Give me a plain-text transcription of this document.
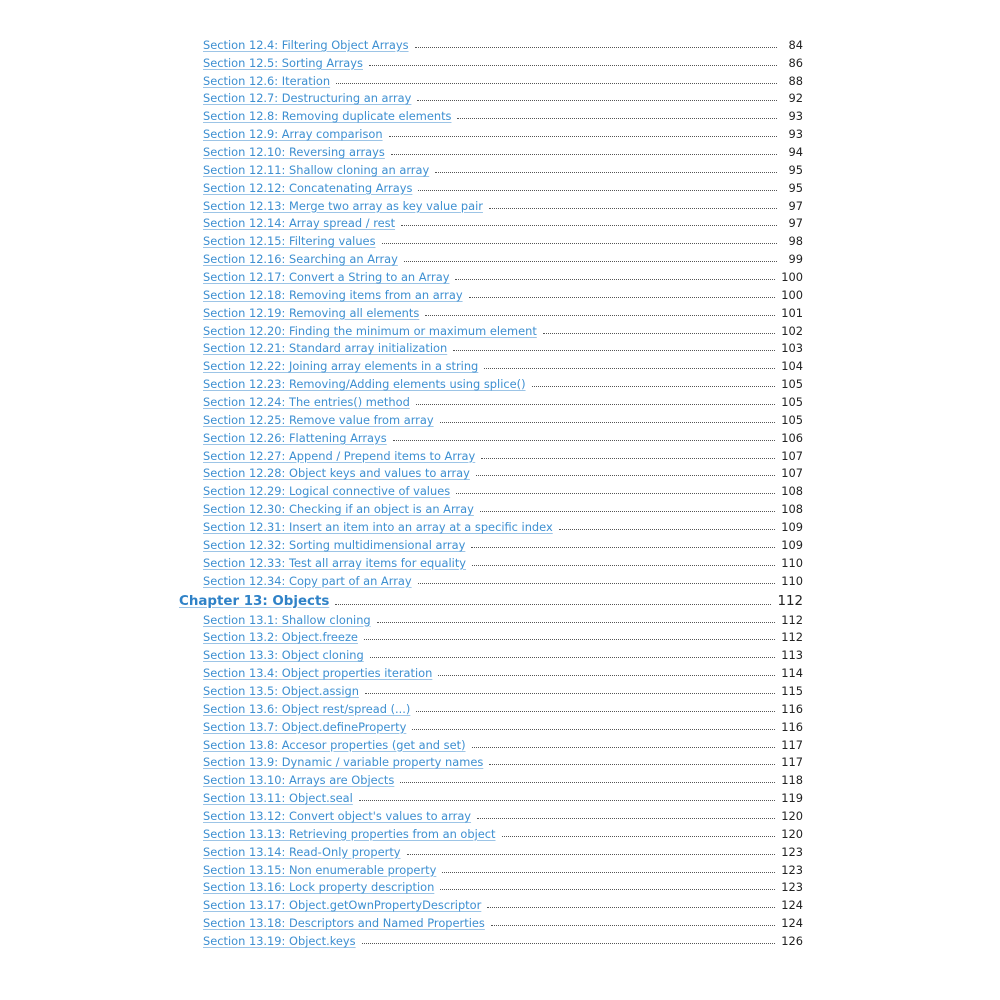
Section 12.4: Filtering Object Arrays	84
Section 12.5: Sorting Arrays	86
Section 12.6: Iteration	88
Section 12.7: Destructuring an array	92
Section 12.8: Removing duplicate elements	93
Section 12.9: Array comparison	93
Section 12.10: Reversing arrays	94
Section 12.11: Shallow cloning an array	95
Section 12.12: Concatenating Arrays	95
Section 12.13: Merge two array as key value pair	97
Section 12.14: Array spread / rest	97
Section 12.15: Filtering values	98
Section 12.16: Searching an Array	99
Section 12.17: Convert a String to an Array	100
Section 12.18: Removing items from an array	100
Section 12.19: Removing all elements	101
Section 12.20: Finding the minimum or maximum element	102
Section 12.21: Standard array initialization	103
Section 12.22: Joining array elements in a string	104
Section 12.23: Removing/Adding elements using splice()	105
Section 12.24: The entries() method	105
Section 12.25: Remove value from array	105
Section 12.26: Flattening Arrays	106
Section 12.27: Append / Prepend items to Array	107
Section 12.28: Object keys and values to array	107
Section 12.29: Logical connective of values	108
Section 12.30: Checking if an object is an Array	108
Section 12.31: Insert an item into an array at a specific index	109
Section 12.32: Sorting multidimensional array	109
Section 12.33: Test all array items for equality	110
Section 12.34: Copy part of an Array	110
Chapter 13: Objects	112
Section 13.1: Shallow cloning	112
Section 13.2: Object.freeze	112
Section 13.3: Object cloning	113
Section 13.4: Object properties iteration	114
Section 13.5: Object.assign	115
Section 13.6: Object rest/spread (...)	116
Section 13.7: Object.defineProperty	116
Section 13.8: Accesor properties (get and set)	117
Section 13.9: Dynamic / variable property names	117
Section 13.10: Arrays are Objects	118
Section 13.11: Object.seal	119
Section 13.12: Convert object's values to array	120
Section 13.13: Retrieving properties from an object	120
Section 13.14: Read-Only property	123
Section 13.15: Non enumerable property	123
Section 13.16: Lock property description	123
Section 13.17: Object.getOwnPropertyDescriptor	124
Section 13.18: Descriptors and Named Properties	124
Section 13.19: Object.keys	126
